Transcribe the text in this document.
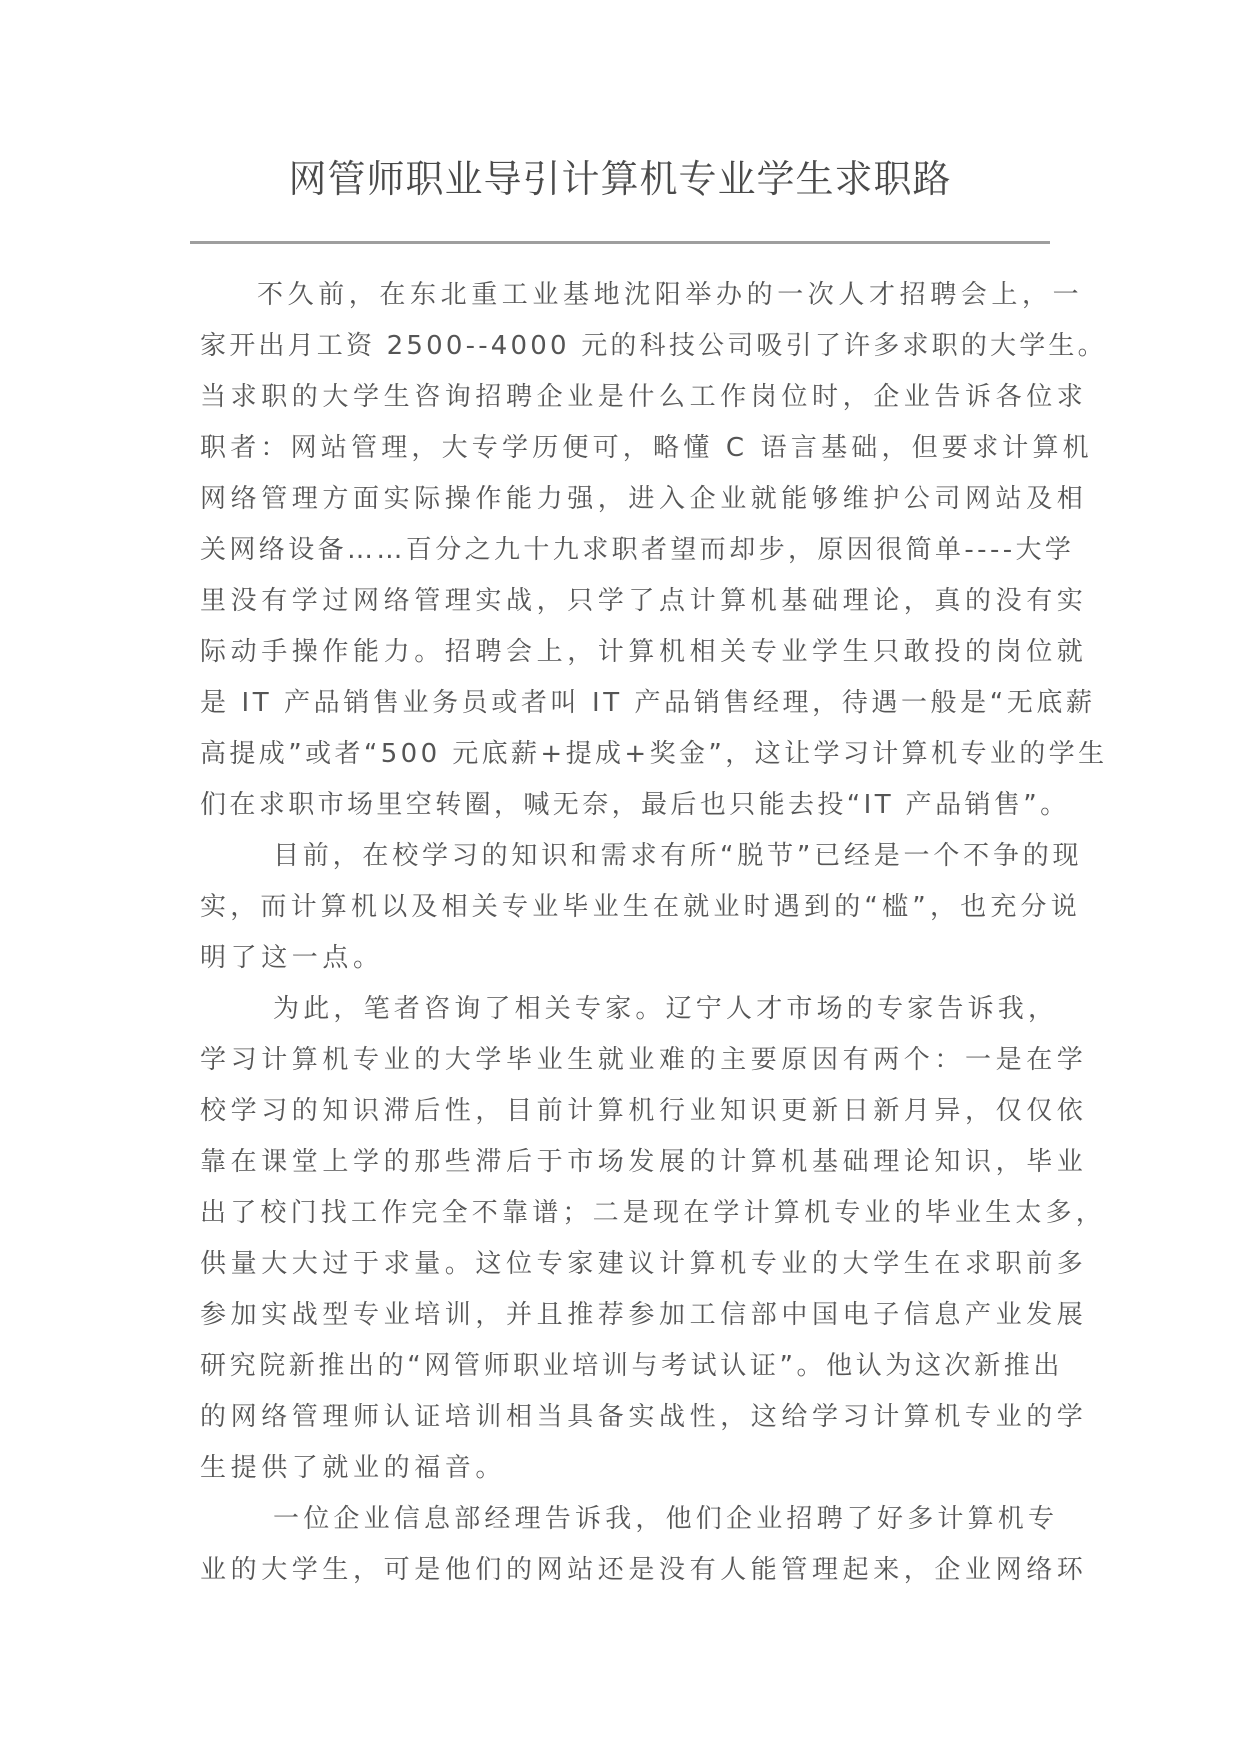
网管师职业导引计算机专业学生求职路
不久前，在东北重工业基地沈阳举办的一次人才招聘会上，一
家开出月工资 2500--4000 元的科技公司吸引了许多求职的大学生。
当求职的大学生咨询招聘企业是什么工作岗位时，企业告诉各位求
职者：网站管理，大专学历便可，略懂 C 语言基础，但要求计算机
网络管理方面实际操作能力强，进入企业就能够维护公司网站及相
关网络设备……百分之九十九求职者望而却步，原因很简单----大学
里没有学过网络管理实战，只学了点计算机基础理论，真的没有实
际动手操作能力。招聘会上，计算机相关专业学生只敢投的岗位就
是 IT 产品销售业务员或者叫 IT 产品销售经理，待遇一般是“无底薪
高提成”或者“500 元底薪+提成+奖金”，这让学习计算机专业的学生
们在求职市场里空转圈，喊无奈，最后也只能去投“IT 产品销售”。
目前，在校学习的知识和需求有所“脱节”已经是一个不争的现
实，而计算机以及相关专业毕业生在就业时遇到的“槛”，也充分说
明了这一点。
为此，笔者咨询了相关专家。辽宁人才市场的专家告诉我，
学习计算机专业的大学毕业生就业难的主要原因有两个：一是在学
校学习的知识滞后性，目前计算机行业知识更新日新月异，仅仅依
靠在课堂上学的那些滞后于市场发展的计算机基础理论知识，毕业
出了校门找工作完全不靠谱；二是现在学计算机专业的毕业生太多，
供量大大过于求量。这位专家建议计算机专业的大学生在求职前多
参加实战型专业培训，并且推荐参加工信部中国电子信息产业发展
研究院新推出的“网管师职业培训与考试认证”。他认为这次新推出
的网络管理师认证培训相当具备实战性，这给学习计算机专业的学
生提供了就业的福音。
一位企业信息部经理告诉我，他们企业招聘了好多计算机专
业的大学生，可是他们的网站还是没有人能管理起来，企业网络环
